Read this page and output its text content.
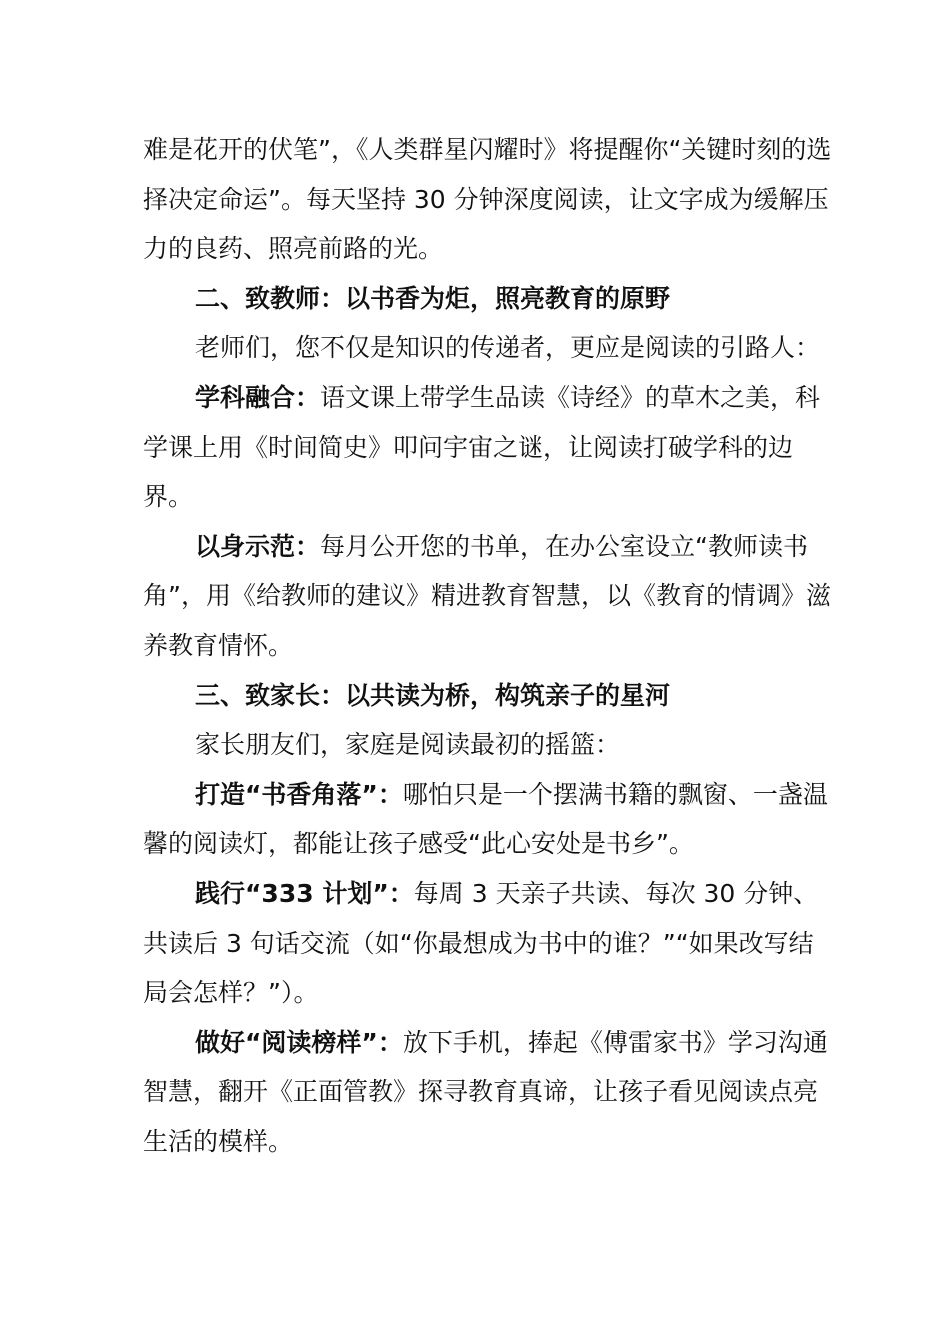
难是花开的伏笔”，《人类群星闪耀时》将提醒你“关键时刻的选择决定命运”。每天坚持 30 分钟深度阅读，让文字成为缓解压力的良药、照亮前路的光。

二、致教师：以书香为炬，照亮教育的原野

老师们，您不仅是知识的传递者，更应是阅读的引路人：

学科融合：语文课上带学生品读《诗经》的草木之美，科学课上用《时间简史》叩问宇宙之谜，让阅读打破学科的边界。

以身示范：每月公开您的书单，在办公室设立“教师读书角”，用《给教师的建议》精进教育智慧，以《教育的情调》滋养教育情怀。

三、致家长：以共读为桥，构筑亲子的星河

家长朋友们，家庭是阅读最初的摇篮：

打造“书香角落”：哪怕只是一个摆满书籍的飘窗、一盏温馨的阅读灯，都能让孩子感受“此心安处是书乡”。

践行“333 计划”：每周 3 天亲子共读、每次 30 分钟、共读后 3 句话交流（如“你最想成为书中的谁？”“如果改写结局会怎样？”）。

做好“阅读榜样”：放下手机，捧起《傅雷家书》学习沟通智慧，翻开《正面管教》探寻教育真谛，让孩子看见阅读点亮生活的模样。
